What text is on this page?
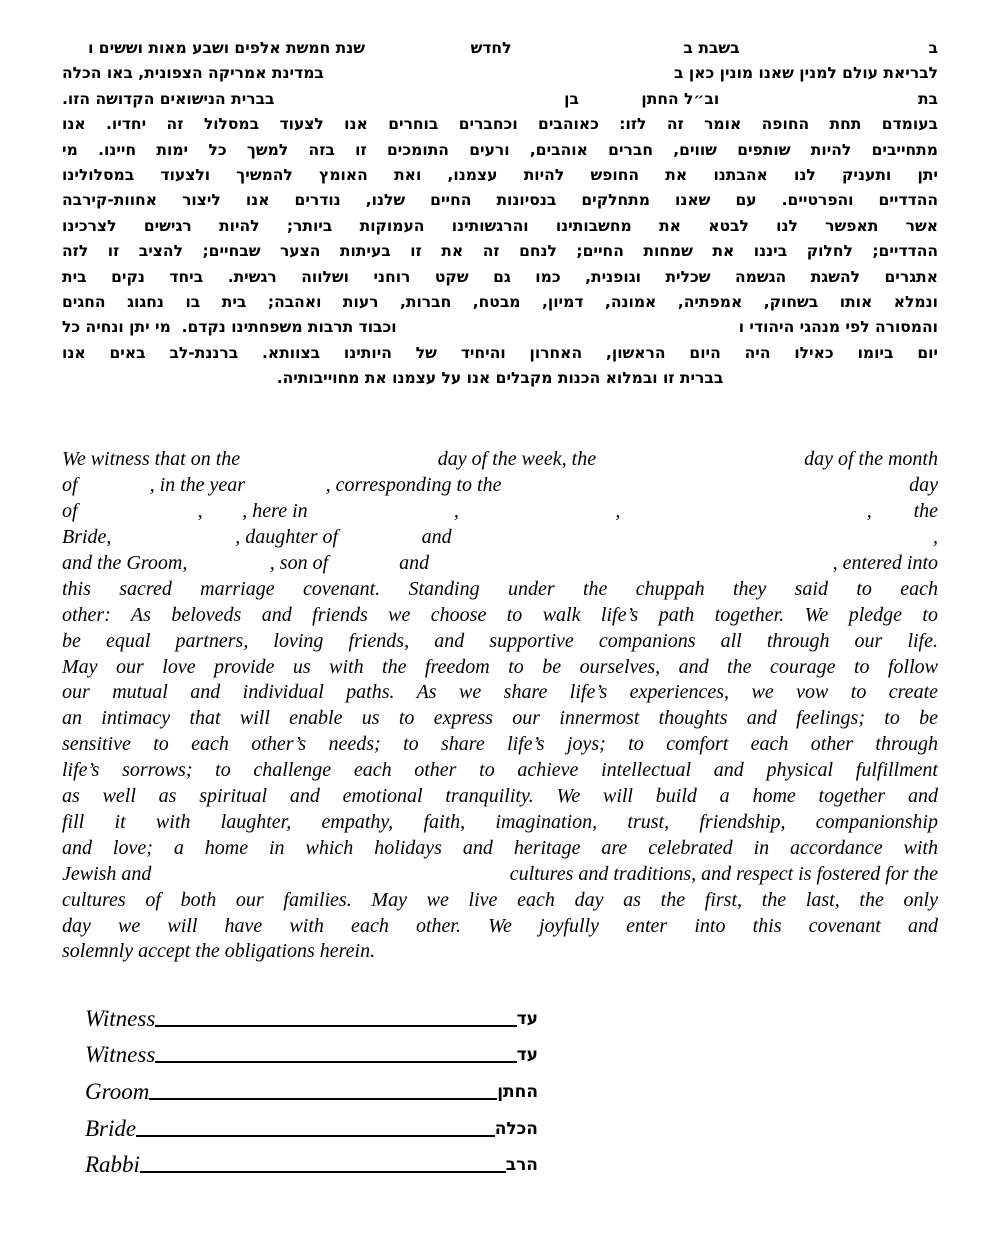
ב
בשבת ב
לחדש
שנת חמשת אלפים ושבע מאות וששים ו
לבריאת עולם למנין שאנו מונין כאן ב
במדינת אמריקה הצפונית, באו הכלה
בת
וב״ל החתן
בן
בברית הנישואים הקדושה הזו.
בעומדם תחת החופה אומר זה לזו: כאוהבים וכחברים בוחרים אנו לצעוד במסלול זה יחדיו. אנו
מתחייבים להיות שותפים שווים, חברים אוהבים, ורעים התומכים זו בזה למשך כל ימות חיינו. מי
יתן ותעניק לנו אהבתנו את החופש להיות עצמנו, ואת האומץ להמשיך ולצעוד במסלולינו
ההדדיים והפרטיים. עם שאנו מתחלקים בנסיונות החיים שלנו, נודרים אנו ליצור אחוות-קירבה
אשר תאפשר לנו לבטא את מחשבותינו והרגשותינו העמוקות ביותר; להיות רגישים לצרכינו
ההדדיים; לחלוק ביננו את שמחות החיים; לנחם זה את זו בעיתות הצער שבחיים; להציב זו לזה
אתגרים להשגת הגשמה שכלית וגופנית, כמו גם שקט רוחני ושלווה רגשית. ביחד נקים בית
ונמלא אותו בשחוק, אמפתיה, אמונה, דמיון, מבטח, חברות, רעות ואהבה; בית בו נחגוג החגים
והמסורה לפי מנהגי היהודי ו
וכבוד תרבות משפחתינו נקדם.  מי יתן ונחיה כל
יום ביומו כאילו היה היום הראשון, האחרון והיחיד של היותינו בצוותא. ברננת-לב באים אנו
בברית זו ובמלוא הכנות מקבלים אנו על עצמנו את מחוייבותיה.
We witness that on the	day of the week, the	day of the month
of	, in the year	, corresponding to the	day
of	, , here in	,	,	, the
Bride,	, daughter of	and	,
and the Groom,	, son of	and	, entered into
this sacred marriage covenant. Standing under the chuppah they said to each
other: As beloveds and friends we choose to walk life’s path together. We pledge to
be equal partners, loving friends, and supportive companions all through our life.
May our love provide us with the freedom to be ourselves, and the courage to follow
our mutual and individual paths. As we share life’s experiences, we vow to create
an intimacy that will enable us to express our innermost thoughts and feelings; to be
sensitive to each other’s needs; to share life’s joys; to comfort each other through
life’s sorrows; to challenge each other to achieve intellectual and physical fulfillment
as well as spiritual and emotional tranquility. We will build a home together and
fill it with laughter, empathy, faith, imagination, trust, friendship, companionship
and love; a home in which holidays and heritage are celebrated in accordance with
Jewish and	cultures and traditions, and respect is fostered for the
cultures of both our families. May we live each day as the first, the last, the only
day we will have with each other. We joyfully enter into this covenant and
solemnly accept the obligations herein.
Witness	עד
Witness	עד
Groom	החתן
Bride	הכלה
Rabbi	הרב
